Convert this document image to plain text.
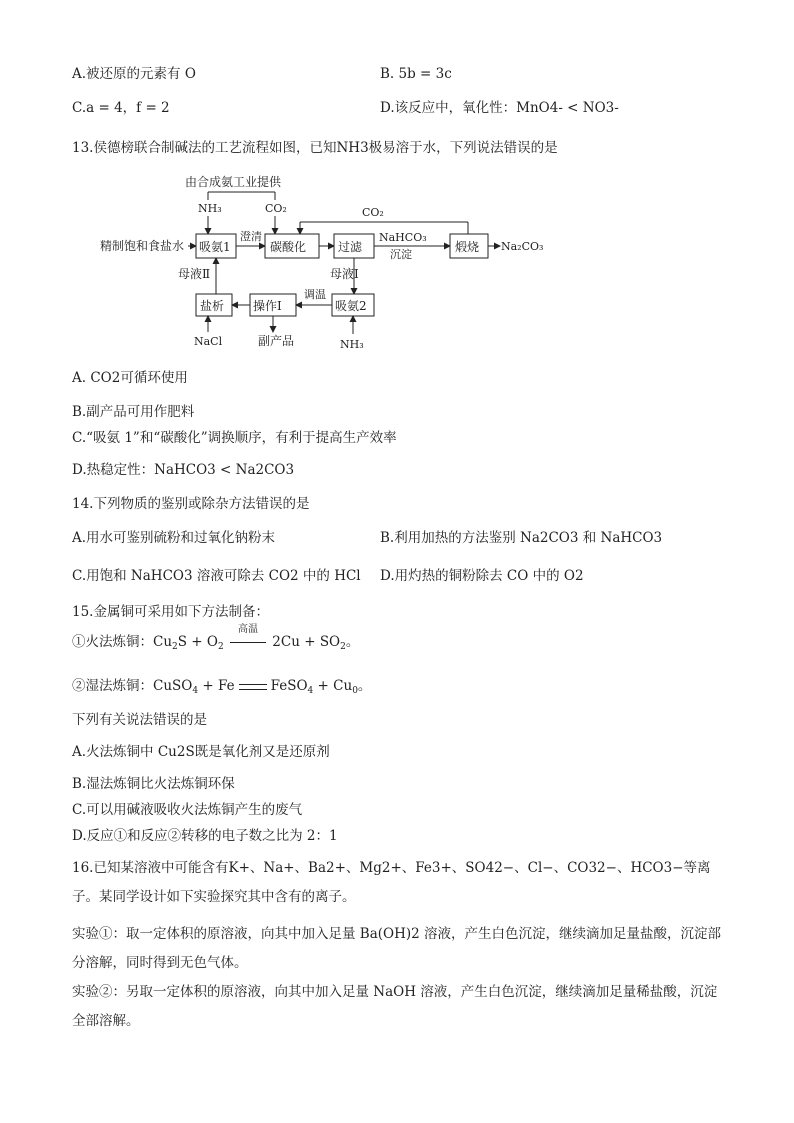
A.被还原的元素有 O	B. 5b = 3c
C.a = 4，f = 2	D.该反应中，氧化性：MnO4- < NO3-
13.侯德榜联合制碱法的工艺流程如图，已知NH3极易溶于水，下列说法错误的是
由合成氨工业提供
NH₃	CO₂	CO₂
精制饱和食盐水 吸氨1
澄清
碳酸化	过滤
NaHCO₃
沉淀
煅烧 Na₂CO₃
母液Ⅱ	母液Ⅰ
盐析 操作Ⅰ	吸氨2
调温
NaCl	副产品	NH₃
A. CO2可循环使用
B.副产品可用作肥料
C.“吸氨 1”和“碳酸化”调换顺序，有利于提高生产效率
D.热稳定性：NaHCO3 < Na2CO3
14.下列物质的鉴别或除杂方法错误的是
A.用水可鉴别硫粉和过氧化钠粉末	B.利用加热的方法鉴别 Na2CO3 和 NaHCO3
C.用饱和 NaHCO3 溶液可除去 CO2 中的 HCl D.用灼热的铜粉除去 CO 中的 O2
15.金属铜可采用如下方法制备：
①火法炼铜：$Cu_2S + O_2$
高温
$2Cu + SO_2$。
②湿法炼铜：CuSO$_4$ + Fe	FeSO$_4$ + $Cu_0$。
下列有关说法错误的是
A.火法炼铜中 Cu2S既是氧化剂又是还原剂
B.湿法炼铜比火法炼铜环保
C.可以用碱液吸收火法炼铜产生的废气
D.反应①和反应②转移的电子数之比为 2：1
16.已知某溶液中可能含有K+、Na+、Ba2+、Mg2+、Fe3+、SO42−、Cl−、CO32−、HCO3−等离子。某同学设计如下实验探究其中含有的离子。
实验①：取一定体积的原溶液，向其中加入足量 Ba(OH)2 溶液，产生白色沉淀，继续滴加足量盐酸，沉淀部分溶解，同时得到无色气体。
实验②：另取一定体积的原溶液，向其中加入足量 NaOH 溶液，产生白色沉淀，继续滴加足量稀盐酸，沉淀全部溶解。
